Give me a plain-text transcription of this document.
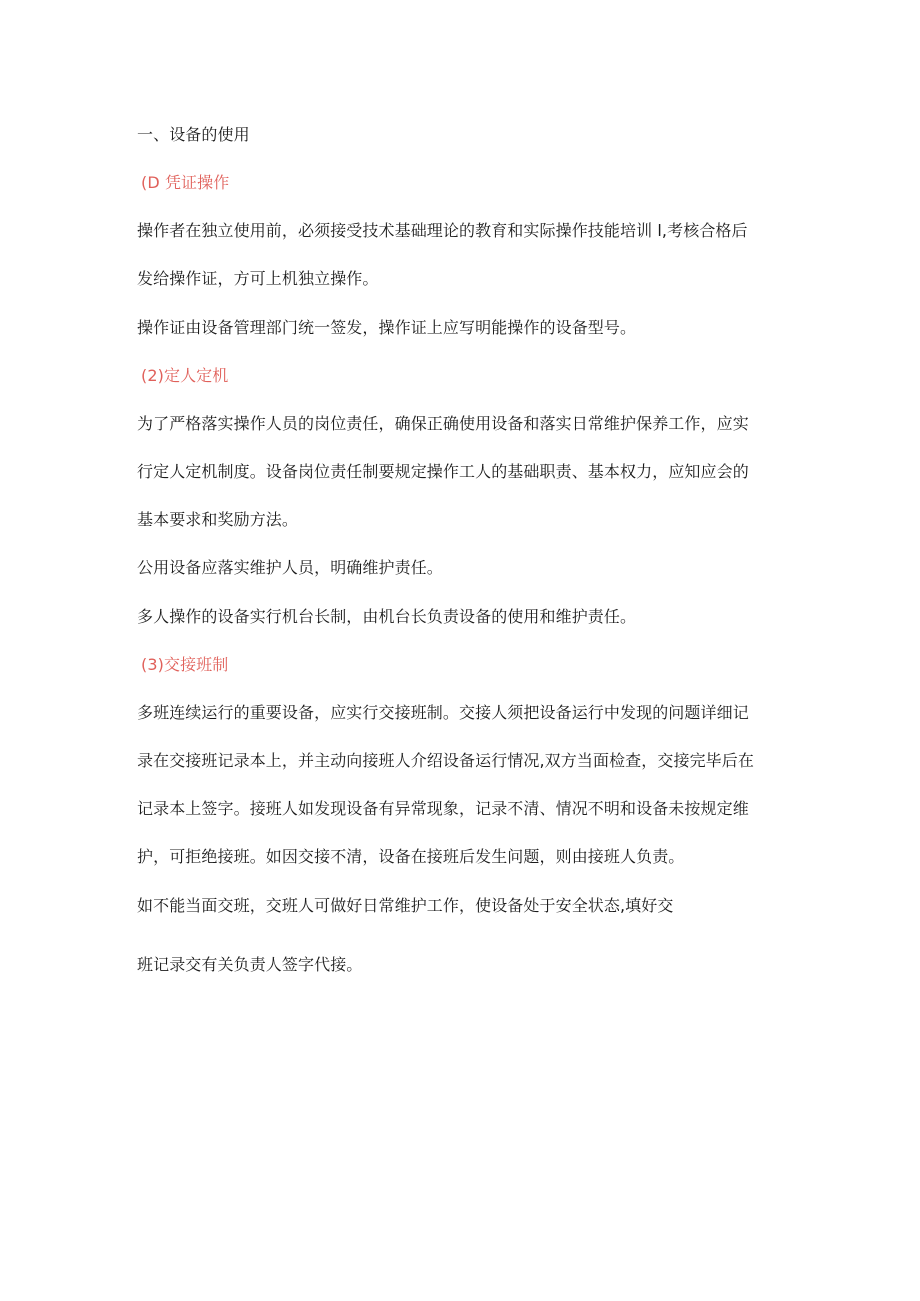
一、设备的使用
(D 凭证操作
操作者在独立使用前，必须接受技术基础理论的教育和实际操作技能培训 l,考核合格后
发给操作证，方可上机独立操作。
操作证由设备管理部门统一签发，操作证上应写明能操作的设备型号。
(2)定人定机
为了严格落实操作人员的岗位责任，确保正确使用设备和落实日常维护保养工作，应实
行定人定机制度。设备岗位责任制要规定操作工人的基础职责、基本权力，应知应会的
基本要求和奖励方法。
公用设备应落实维护人员，明确维护责任。
多人操作的设备实行机台长制，由机台长负责设备的使用和维护责任。
(3)交接班制
多班连续运行的重要设备，应实行交接班制。交接人须把设备运行中发现的问题详细记
录在交接班记录本上，并主动向接班人介绍设备运行情况,双方当面检查，交接完毕后在
记录本上签字。接班人如发现设备有异常现象，记录不清、情况不明和设备未按规定维
护，可拒绝接班。如因交接不清，设备在接班后发生问题，则由接班人负责。
如不能当面交班，交班人可做好日常维护工作，使设备处于安全状态,填好交
班记录交有关负责人签字代接。
